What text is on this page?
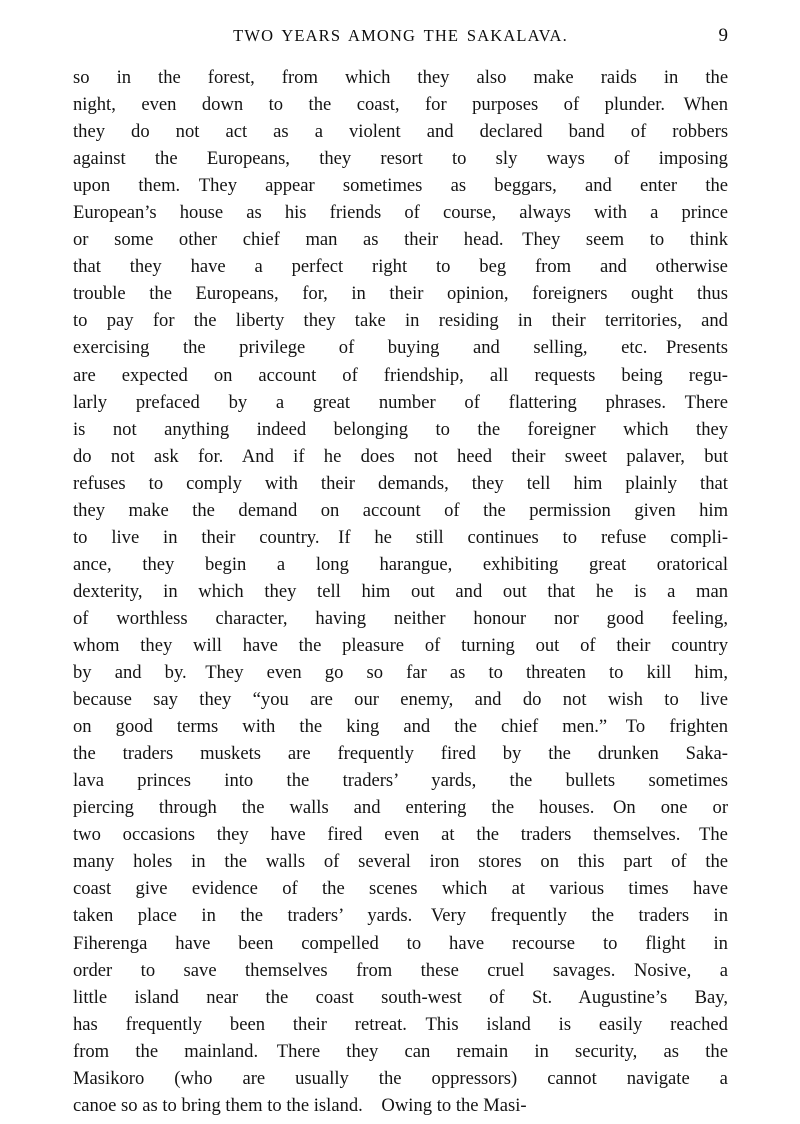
TWO YEARS AMONG THE SAKALAVA.	9
so in the forest, from which they also make raids in the
night, even down to the coast, for purposes of plunder.  When
they do not act as a violent and declared band of robbers
against the Europeans, they resort to sly ways of imposing
upon them.  They appear sometimes as beggars, and enter the
European’s house as his friends of course, always with a prince
or some other chief man as their head.  They seem to think
that they have a perfect right to beg from and otherwise
trouble the Europeans, for, in their opinion, foreigners ought thus
to pay for the liberty they take in residing in their territories, and
exercising the privilege of buying and selling, etc.  Presents
are expected on account of friendship, all requests being regu-
larly prefaced by a great number of flattering phrases.  There
is not anything indeed belonging to the foreigner which they
do not ask for.  And if he does not heed their sweet palaver, but
refuses to comply with their demands, they tell him plainly that
they make the demand on account of the permission given him
to live in their country.  If he still continues to refuse compli-
ance, they begin a long harangue, exhibiting great oratorical
dexterity, in which they tell him out and out that he is a man
of worthless character, having neither honour nor good feeling,
whom they will have the pleasure of turning out of their country
by and by.  They even go so far as to threaten to kill him,
because say they “you are our enemy, and do not wish to live
on good terms with the king and the chief men.”  To frighten
the traders muskets are frequently fired by the drunken Saka-
lava princes into the traders’ yards, the bullets sometimes
piercing through the walls and entering the houses.  On one or
two occasions they have fired even at the traders themselves.  The
many holes in the walls of several iron stores on this part of the
coast give evidence of the scenes which at various times have
taken place in the traders’ yards.  Very frequently the traders in
Fiherenga have been compelled to have recourse to flight in
order to save themselves from these cruel savages.  Nosive, a
little island near the coast south-west of St. Augustine’s Bay,
has frequently been their retreat.  This island is easily reached
from the mainland.  There they can remain in security, as the
Masikoro (who are usually the oppressors) cannot navigate a
canoe so as to bring them to the island.  Owing to the Masi-
